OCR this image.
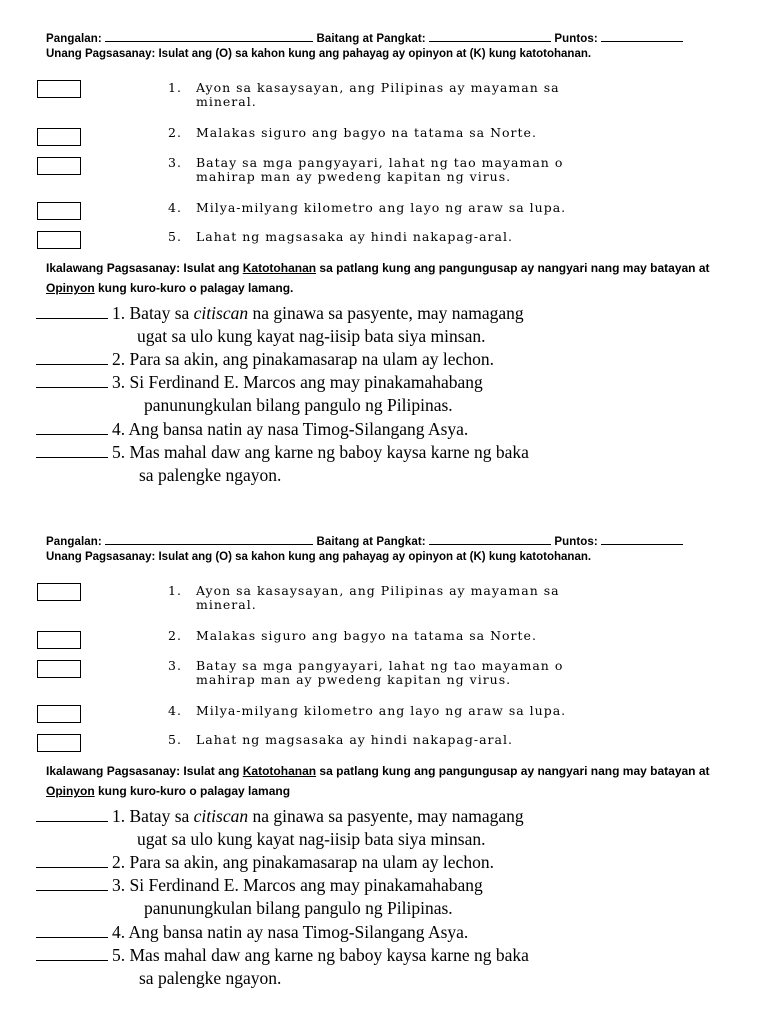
Pangalan:	Baitang at Pangkat:	Puntos:
Unang Pagsasanay: Isulat ang (O) sa kahon kung ang pahayag ay opinyon at (K) kung katotohanan.
1. Ayon sa kasaysayan, ang Pilipinas ay mayaman sa
mineral.
2. Malakas siguro ang bagyo na tatama sa Norte.
3. Batay sa mga pangyayari, lahat ng tao mayaman o
mahirap man ay pwedeng kapitan ng virus.
4. Milya-milyang kilometro ang layo ng araw sa lupa.
5. Lahat ng magsasaka ay hindi nakapag-aral.
Ikalawang Pagsasanay: Isulat ang Katotohanan sa patlang kung ang pangungusap ay nangyari nang may batayan at Opinyon kung kuro-kuro o palagay lamang.
1. Batay sa citiscan na ginawa sa pasyente, may namagang
ugat sa ulo kung kayat nag-iisip bata siya minsan.
2. Para sa akin, ang pinakamasarap na ulam ay lechon.
3. Si Ferdinand E. Marcos ang may pinakamahabang
panunungkulan bilang pangulo ng Pilipinas.
4. Ang bansa natin ay nasa Timog-Silangang Asya.
5. Mas mahal daw ang karne ng baboy kaysa karne ng baka
sa palengke ngayon.
Pangalan:	Baitang at Pangkat:	Puntos:
Unang Pagsasanay: Isulat ang (O) sa kahon kung ang pahayag ay opinyon at (K) kung katotohanan.
1. Ayon sa kasaysayan, ang Pilipinas ay mayaman sa
mineral.
2. Malakas siguro ang bagyo na tatama sa Norte.
3. Batay sa mga pangyayari, lahat ng tao mayaman o
mahirap man ay pwedeng kapitan ng virus.
4. Milya-milyang kilometro ang layo ng araw sa lupa.
5. Lahat ng magsasaka ay hindi nakapag-aral.
Ikalawang Pagsasanay: Isulat ang Katotohanan sa patlang kung ang pangungusap ay nangyari nang may batayan at Opinyon kung kuro-kuro o palagay lamang
1. Batay sa citiscan na ginawa sa pasyente, may namagang
ugat sa ulo kung kayat nag-iisip bata siya minsan.
2. Para sa akin, ang pinakamasarap na ulam ay lechon.
3. Si Ferdinand E. Marcos ang may pinakamahabang
panunungkulan bilang pangulo ng Pilipinas.
4. Ang bansa natin ay nasa Timog-Silangang Asya.
5. Mas mahal daw ang karne ng baboy kaysa karne ng baka
sa palengke ngayon.
